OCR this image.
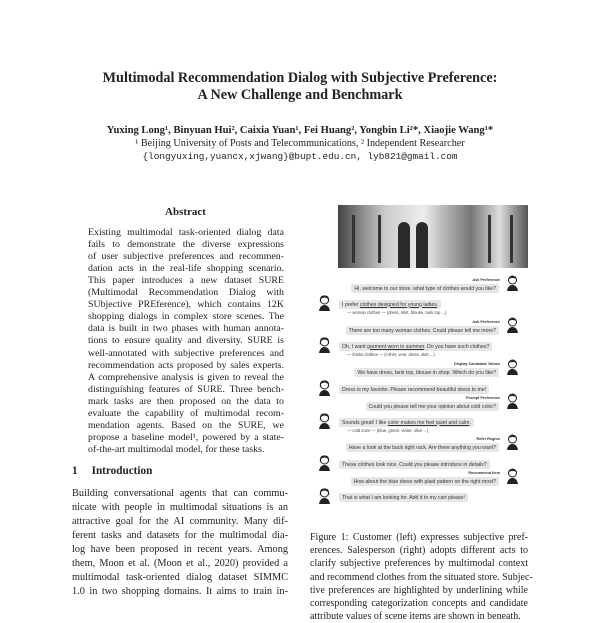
Multimodal Recommendation Dialog with Subjective Preference:
A New Challenge and Benchmark
Yuxing Long¹, Binyuan Hui², Caixia Yuan¹, Fei Huang², Yongbin Li²*, Xiaojie Wang¹*
¹ Beijing University of Posts and Telecommunications, ² Independent Researcher
{longyuxing,yuancx,xjwang}@bupt.edu.cn, lyb821@gmail.com
Abstract
Existing multimodal task-oriented dialog data
fails to demonstrate the diverse expressions
of user subjective preferences and recommen-
dation acts in the real-life shopping scenario.
This paper introduces a new dataset SURE
(Multimodal Recommendation Dialog with
SUbjective PREference), which contains 12K
shopping dialogs in complex store scenes. The
data is built in two phases with human annota-
tions to ensure quality and diversity. SURE is
well-annotated with subjective preferences and
recommendation acts proposed by sales experts.
A comprehensive analysis is given to reveal the
distinguishing features of SURE. Three bench-
mark tasks are then proposed on the data to
evaluate the capability of multimodal recom-
mendation agents. Based on the SURE, we
propose a baseline model¹, powered by a state-
of-the-art multimodal model, for these tasks.
1 Introduction
Building conversational agents that can commu-
nicate with people in multimodal situations is an
attractive goal for the AI community. Many dif-
ferent tasks and datasets for the multimodal dia-
log have been proposed in recent years. Among
them, Moon et al. (Moon et al., 2020) provided a
multimodal task-oriented dialog dataset SIMMC
1.0 in two shopping domains. It aims to train in-
Ask Preference
Hi, welcome to our store. what type of clothes would you like?
I prefer clothes designed for young ladies.
— woman clothes — (dress, skirt, blouse, tank top ...)
Ask Preference
There are too many woman clothes. Could please tell me more?
Oh, I want garment worn in summer. Do you have such clothes?
— thinks clothes — (t-shirt, vest, dress, skirt ...)
Display Candidate Values
We have dress, tank top, blouse in shop. Which do you like?
Dress is my favorite. Please recommend beautiful dress to me!
Prompt Preference
Could you please tell me your opinion about cold color?
Sounds great! I like color makes me feel quiet and calm.
— cold color — (blue, green, violet, olive ...)
Refer Region
Have a look at the back right rack. Are there anything you want?
These clothes look nice. Could you please introduce in details?
Recommend Item
How about the blue dress with plaid pattern on the right most?
That is what I am looking for. Add it to my cart please!
Figure 1: Customer (left) expresses subjective pref-
erences. Salesperson (right) adopts different acts to
clarify subjective preferences by multimodal context
and recommend clothes from the situated store. Subjec-
tive preferences are highlighted by underlining while
corresponding categorization concepts and candidate
attribute values of scene items are shown in beneath.
